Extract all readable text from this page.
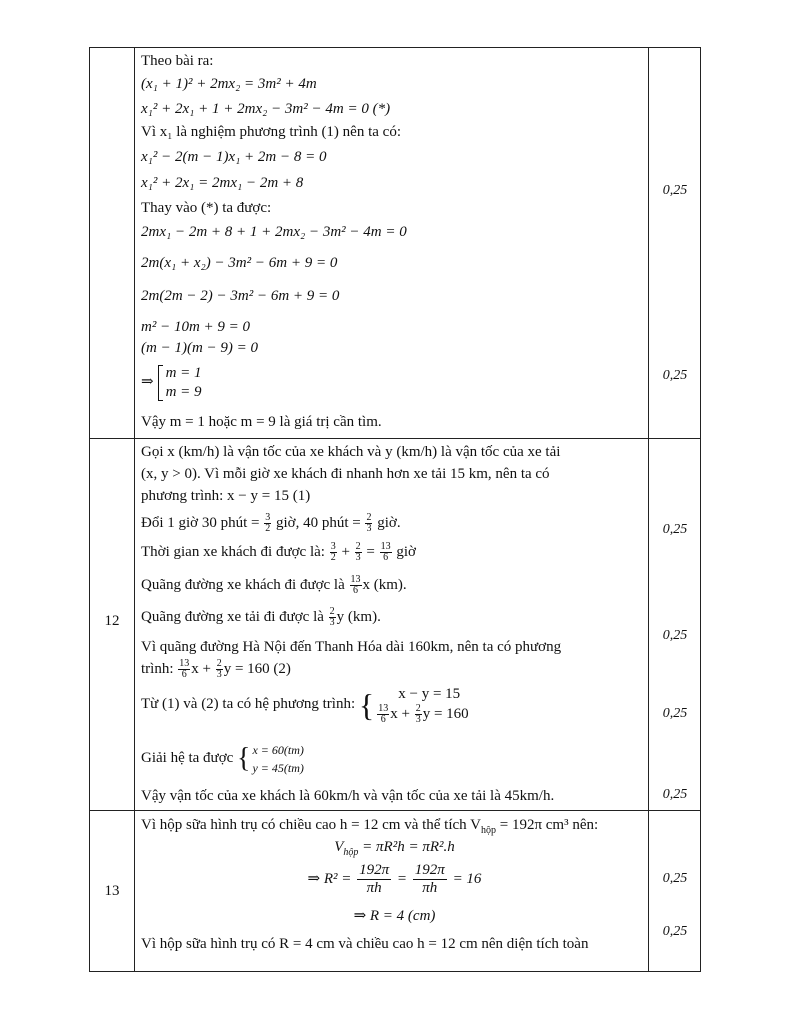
Theo bài ra:
(x₁ + 1)² + 2mx₂ = 3m² + 4m
x₁² + 2x₁ + 1 + 2mx₂ − 3m² − 4m = 0 (*)
Vì x₁ là nghiệm phương trình (1) nên ta có:
x₁² − 2(m − 1)x₁ + 2m − 8 = 0
x₁² + 2x₁ = 2mx₁ − 2m + 8
Thay vào (*) ta được:
2mx₁ − 2m + 8 + 1 + 2mx₂ − 3m² − 4m = 0
2m(x₁ + x₂) − 3m² − 6m + 9 = 0
2m(2m − 2) − 3m² − 6m + 9 = 0
m² − 10m + 9 = 0
(m − 1)(m − 9) = 0
⇒
m = 1
m = 9
Vậy m = 1 hoặc m = 9 là giá trị cần tìm.
0,25
0,25
12
Gọi x (km/h) là vận tốc của xe khách và y (km/h) là vận tốc của xe tải
(x, y > 0). Vì mỗi giờ xe khách đi nhanh hơn xe tải 15 km, nên ta có
phương trình: x − y = 15 (1)
Đổi 1 giờ 30 phút = $\frac{3}{2}$ giờ, 40 phút = $\frac{2}{3}$ giờ.
Thời gian xe khách đi được là: $\frac{3}{2} + \frac{2}{3} = \frac{13}{6}$ giờ
Quãng đường xe khách đi được là $\frac{13}{6}$ x (km).
Quãng đường xe tải đi được là $\frac{2}{3}$ y (km).
Vì quãng đường Hà Nội đến Thanh Hóa dài 160km, nên ta có phương
trình: $\frac{13}{6}$ $x + \frac{2}{3}$ y = 160 (2)
Từ (1) và (2) ta có hệ phương trình: {	x − y = 15
$\frac{13}{6}$ $x + \frac{2}{3}$ y = 160
Giải hệ ta được { x = 60(tm)
y = 45(tm)
Vậy vận tốc của xe khách là 60km/h và vận tốc của xe tải là 45km/h.
0,25
0,25
0,25
0,25
13
Vì hộp sữa hình trụ có chiều cao h = 12 cm và thể tích $V_{hộp} = 192\pi$ cm³ nên:
$V_{hộp} = \pi R^2h = \pi R^2.h$
⇒ $R^2 = \frac{192\pi}{\pi h} = \frac{192\pi}{\pi h} = 16$
⇒ R = 4 (cm)
Vì hộp sữa hình trụ có R = 4 cm và chiều cao h = 12 cm nên diện tích toàn
0,25
0,25
